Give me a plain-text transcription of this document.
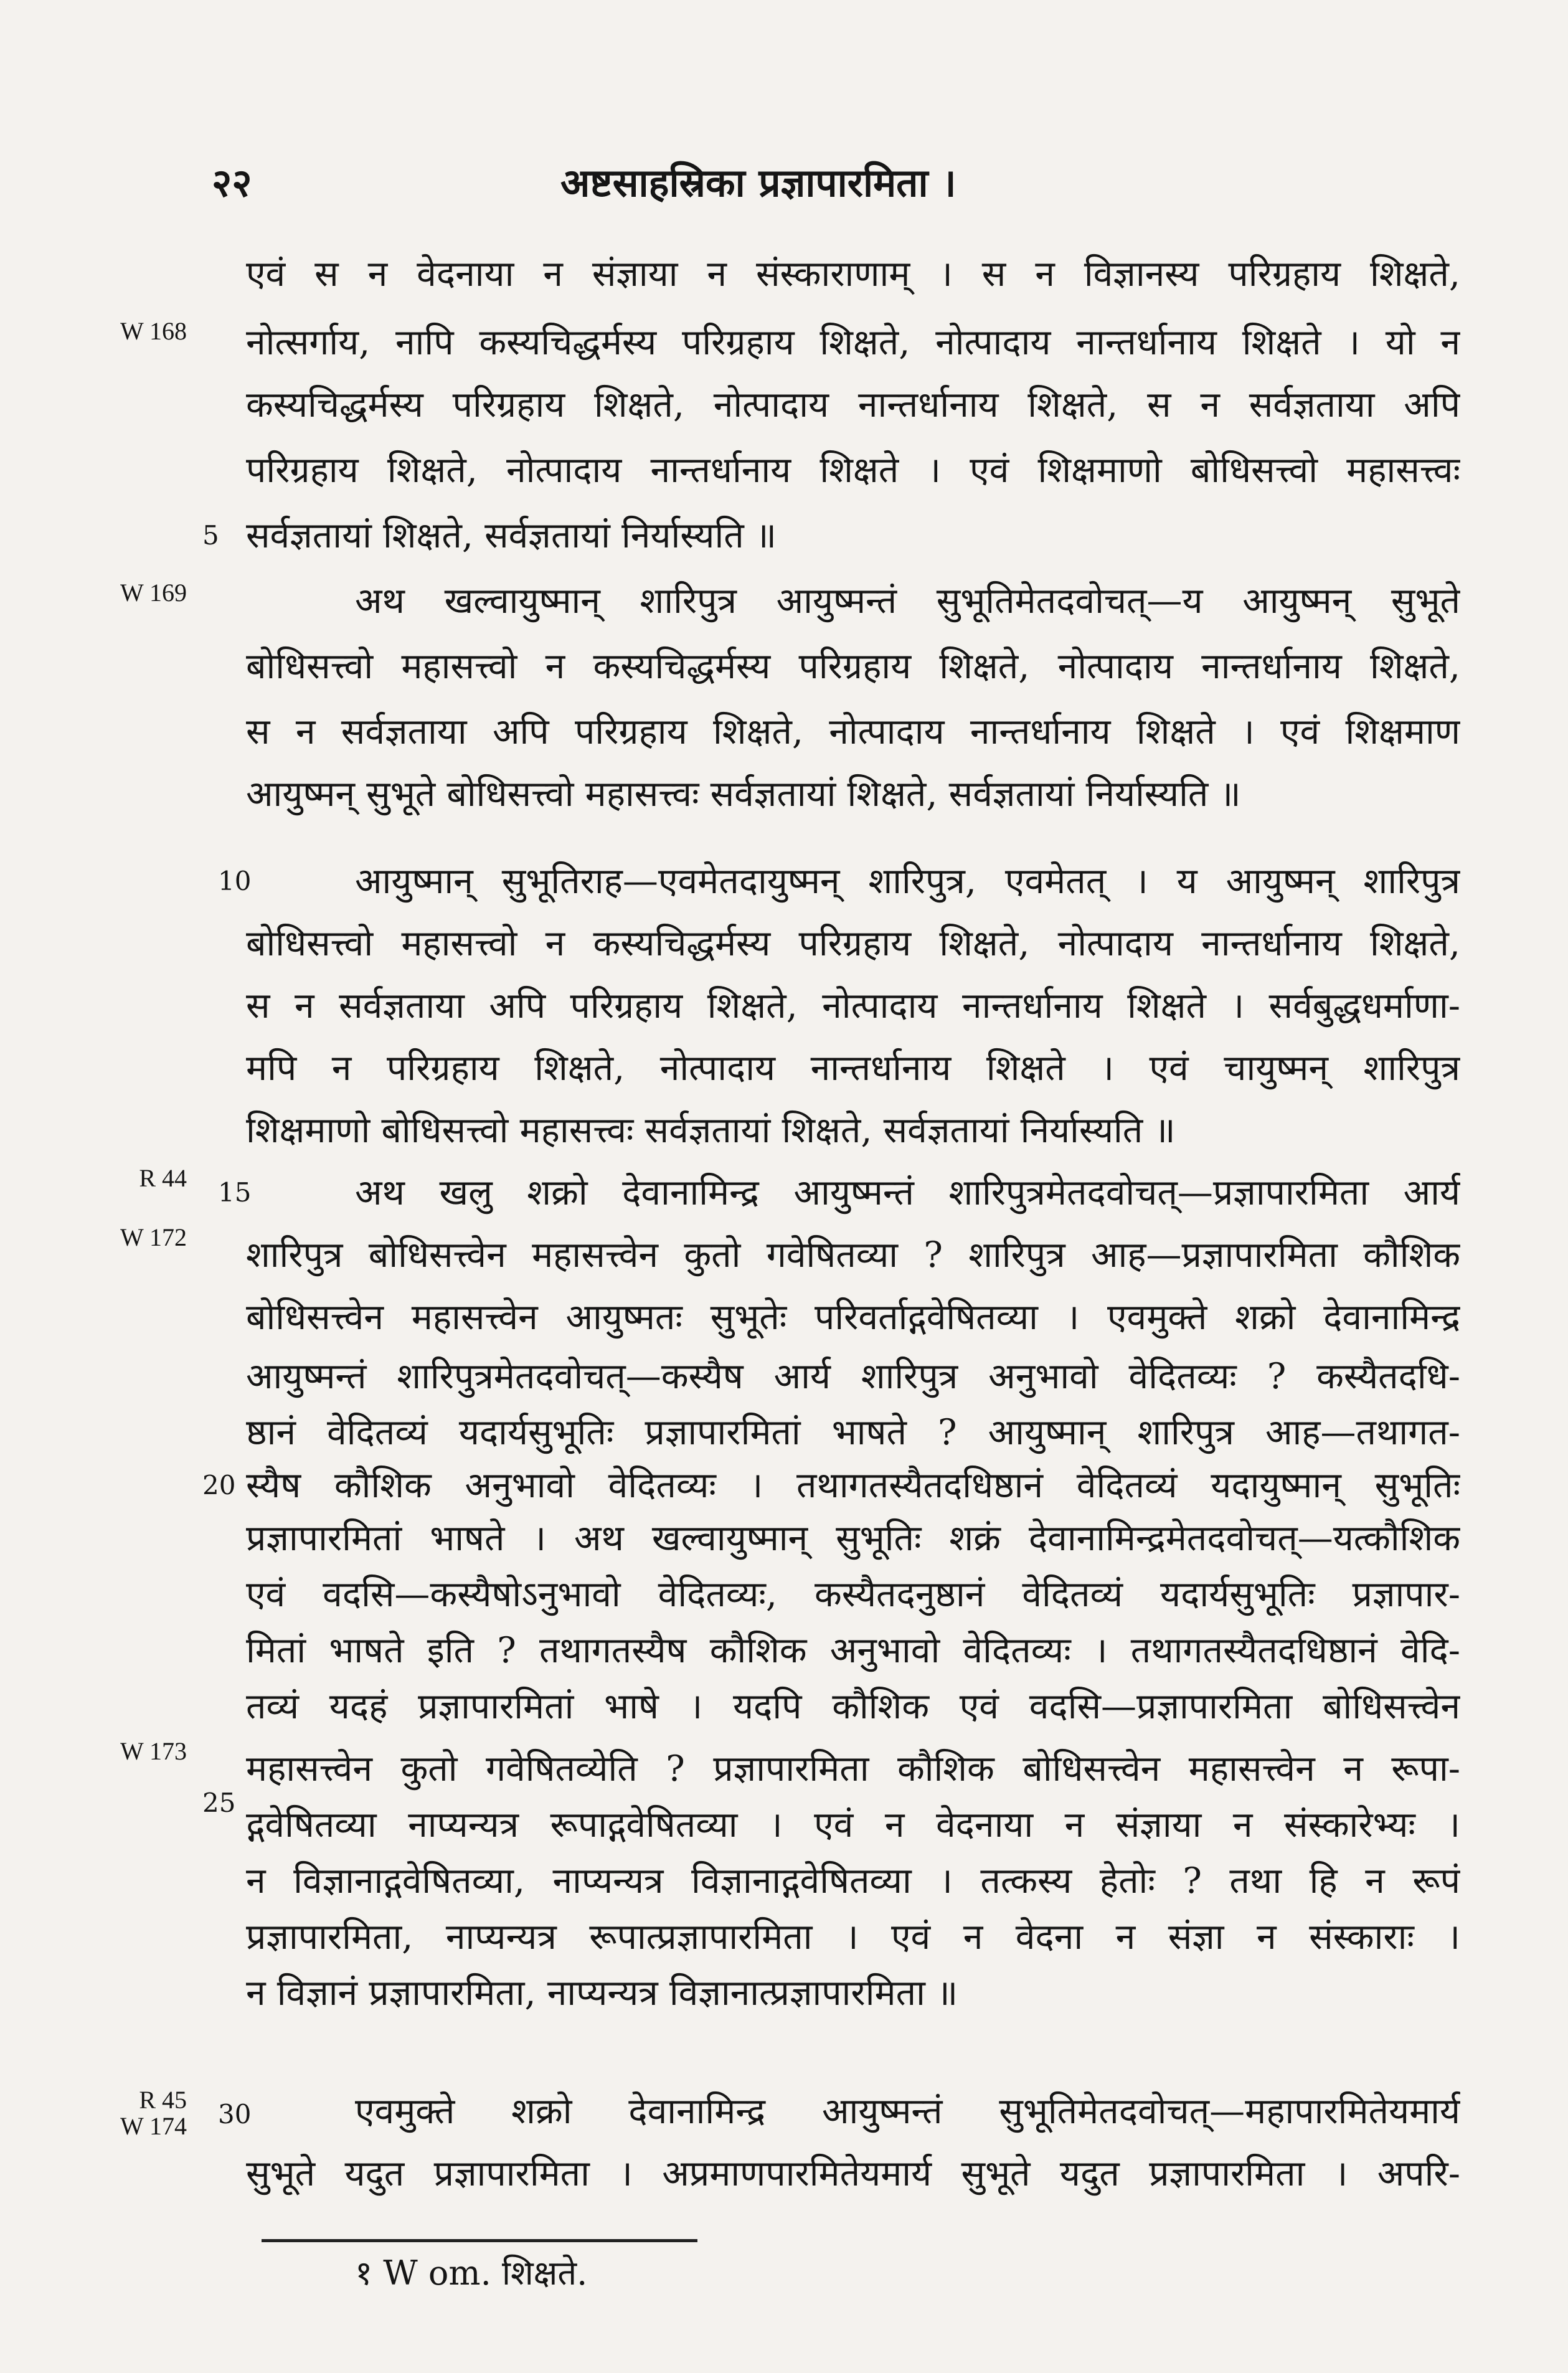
२२	अष्टसाहस्रिका प्रज्ञापारमिता ।
W 168
W 169
R 44
W 172
W 173
R 45
W 174
5
10
15
20
25
30
एवं स न वेदनाया न संज्ञाया न संस्काराणाम् । स न विज्ञानस्य परिग्रहाय शिक्षते,
नोत्सर्गाय, नापि कस्यचिद्धर्मस्य परिग्रहाय शिक्षते, नोत्पादाय नान्तर्धानाय शिक्षते । यो न
कस्यचिद्धर्मस्य परिग्रहाय शिक्षते, नोत्पादाय नान्तर्धानाय शिक्षते, स न सर्वज्ञताया अपि
परिग्रहाय शिक्षते, नोत्पादाय नान्तर्धानाय शिक्षते । एवं शिक्षमाणो बोधिसत्त्वो महासत्त्वः
सर्वज्ञतायां शिक्षते, सर्वज्ञतायां निर्यास्यति ॥
अथ खल्वायुष्मान् शारिपुत्र आयुष्मन्तं सुभूतिमेतदवोचत्—य आयुष्मन् सुभूते
बोधिसत्त्वो महासत्त्वो न कस्यचिद्धर्मस्य परिग्रहाय शिक्षते, नोत्पादाय नान्तर्धानाय शिक्षते,
स न सर्वज्ञताया अपि परिग्रहाय शिक्षते, नोत्पादाय नान्तर्धानाय शिक्षते । एवं शिक्षमाण
आयुष्मन् सुभूते बोधिसत्त्वो महासत्त्वः सर्वज्ञतायां शिक्षते, सर्वज्ञतायां निर्यास्यति ॥
आयुष्मान् सुभूतिराह—एवमेतदायुष्मन् शारिपुत्र, एवमेतत् । य आयुष्मन् शारिपुत्र
बोधिसत्त्वो महासत्त्वो न कस्यचिद्धर्मस्य परिग्रहाय शिक्षते, नोत्पादाय नान्तर्धानाय शिक्षते,
स न सर्वज्ञताया अपि परिग्रहाय शिक्षते, नोत्पादाय नान्तर्धानाय शिक्षते । सर्वबुद्धधर्माणा-
मपि न परिग्रहाय शिक्षते, नोत्पादाय नान्तर्धानाय शिक्षते । एवं चायुष्मन् शारिपुत्र
शिक्षमाणो बोधिसत्त्वो महासत्त्वः सर्वज्ञतायां शिक्षते, सर्वज्ञतायां निर्यास्यति ॥
अथ खलु शक्रो देवानामिन्द्र आयुष्मन्तं शारिपुत्रमेतदवोचत्—प्रज्ञापारमिता आर्य
शारिपुत्र बोधिसत्त्वेन महासत्त्वेन कुतो गवेषितव्या ? शारिपुत्र आह—प्रज्ञापारमिता कौशिक
बोधिसत्त्वेन महासत्त्वेन आयुष्मतः सुभूतेः परिवर्ताद्गवेषितव्या । एवमुक्ते शक्रो देवानामिन्द्र
आयुष्मन्तं शारिपुत्रमेतदवोचत्—कस्यैष आर्य शारिपुत्र अनुभावो वेदितव्यः ? कस्यैतदधि-
ष्ठानं वेदितव्यं यदार्यसुभूतिः प्रज्ञापारमितां भाषते ? आयुष्मान् शारिपुत्र आह—तथागत-
स्यैष कौशिक अनुभावो वेदितव्यः । तथागतस्यैतदधिष्ठानं वेदितव्यं यदायुष्मान् सुभूतिः
प्रज्ञापारमितां भाषते । अथ खल्वायुष्मान् सुभूतिः शक्रं देवानामिन्द्रमेतदवोचत्—यत्कौशिक
एवं वदसि—कस्यैषोऽनुभावो वेदितव्यः, कस्यैतदनुष्ठानं वेदितव्यं यदार्यसुभूतिः प्रज्ञापार-
मितां भाषते इति ? तथागतस्यैष कौशिक अनुभावो वेदितव्यः । तथागतस्यैतदधिष्ठानं वेदि-
तव्यं यदहं प्रज्ञापारमितां भाषे । यदपि कौशिक एवं वदसि—प्रज्ञापारमिता बोधिसत्त्वेन
महासत्त्वेन कुतो गवेषितव्येति ? प्रज्ञापारमिता कौशिक बोधिसत्त्वेन महासत्त्वेन न रूपा-
द्गवेषितव्या नाप्यन्यत्र रूपाद्गवेषितव्या । एवं न वेदनाया न संज्ञाया न संस्कारेभ्यः ।
न विज्ञानाद्गवेषितव्या, नाप्यन्यत्र विज्ञानाद्गवेषितव्या । तत्कस्य हेतोः ? तथा हि न रूपं
प्रज्ञापारमिता, नाप्यन्यत्र रूपात्प्रज्ञापारमिता । एवं न वेदना न संज्ञा न संस्काराः ।
न विज्ञानं प्रज्ञापारमिता, नाप्यन्यत्र विज्ञानात्प्रज्ञापारमिता ॥
एवमुक्ते शक्रो देवानामिन्द्र आयुष्मन्तं सुभूतिमेतदवोचत्—महापारमितेयमार्य
सुभूते यदुत प्रज्ञापारमिता । अप्रमाणपारमितेयमार्य सुभूते यदुत प्रज्ञापारमिता । अपरि-
१ W om. शिक्षते.
